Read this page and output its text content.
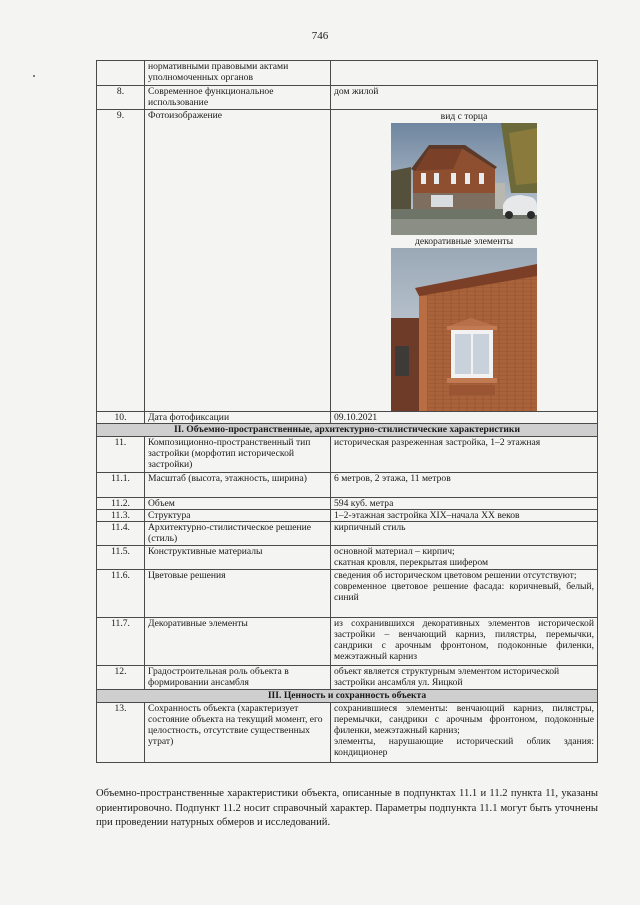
746
	нормативными правовыми актами уполномоченных органов	
8.	Современное функциональное использование	дом жилой
9.	Фотоизображение	вид с торца
декоративные элементы

10.	Дата фотофиксации	09.10.2021
II. Объемно-пространственные, архитектурно-стилистические характеристики		
11.	Композиционно-пространственный тип застройки (морфотип исторической застройки)	историческая разреженная застройка, 1–2 этажная
11.1.	Масштаб (высота, этажность, ширина)	6 метров, 2 этажа, 11 метров
11.2.	Объем	594 куб. метра
11.3.	Структура	1–2-этажная застройка XIX–начала XX веков
11.4.	Архитектурно-стилистическое решение (стиль)	кирпичный стиль
11.5.	Конструктивные материалы	основной материал – кирпич;
скатная кровля, перекрытая шифером

11.6.	Цветовые решения	сведения об историческом цветовом решении отсутствуют;
современное цветовое решение фасада: коричневый, белый, синий

11.7.	Декоративные элементы	из сохранившихся декоративных элементов исторической застройки – венчающий карниз, пилястры, перемычки, сандрики с арочным фронтоном, подоконные филенки, межэтажный карниз
12.	Градостроительная роль объекта в формировании ансамбля	объект является структурным элементом исторической застройки ансамбля ул. Яицкой
III. Ценность и сохранность объекта		
13.	Сохранность объекта (характеризует состояние объекта на текущий момент, его целостность, отсутствие существенных утрат)	сохранившиеся элементы: венчающий карниз, пилястры, перемычки, сандрики с арочным фронтоном, подоконные филенки, межэтажный карниз;
элементы, нарушающие исторический облик здания: кондиционер
Объемно-пространственные характеристики объекта, описанные в подпунктах 11.1 и 11.2 пункта 11, указаны ориентировочно. Подпункт 11.2 носит справочный характер. Параметры подпункта 11.1 могут быть уточнены при проведении натурных обмеров и исследований.
